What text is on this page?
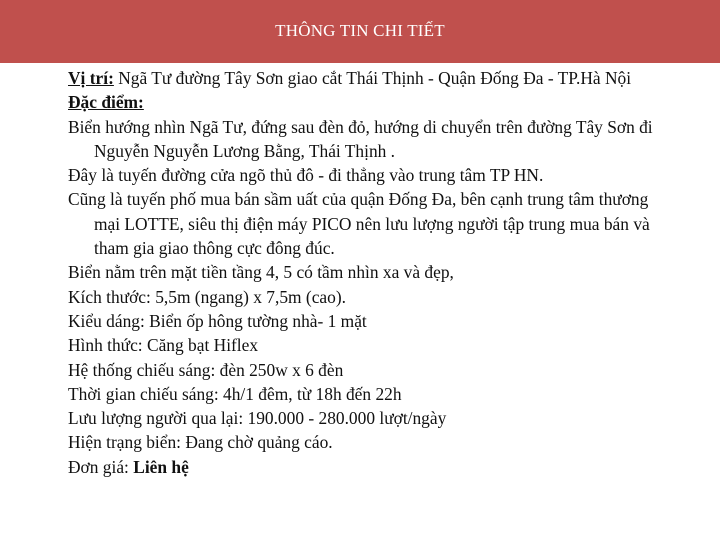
THÔNG TIN CHI TIẾT

Vị trí: Ngã Tư đường Tây Sơn giao cắt Thái Thịnh - Quận Đống Đa - TP.Hà Nội

Đặc điểm:

Biển hướng nhìn Ngã Tư, đứng sau đèn đỏ, hướng di chuyển trên đường Tây Sơn đi Nguyễn Nguyễn Lương Bằng, Thái Thịnh .

Đây là tuyến đường cửa ngõ thủ đô - đi thẳng vào trung tâm TP HN.

Cũng là tuyến phố mua bán sầm uất của quận Đống Đa, bên cạnh trung tâm thương mại LOTTE, siêu thị điện máy PICO nên lưu lượng người tập trung mua bán và tham gia giao thông cực đông đúc.

Biển nằm trên mặt tiền tầng 4, 5 có tầm nhìn xa và đẹp,

Kích thước: 5,5m (ngang) x 7,5m (cao).

Kiểu dáng: Biển ốp hông tường nhà- 1 mặt

Hình thức: Căng bạt Hiflex

Hệ thống chiếu sáng: đèn 250w x 6 đèn

Thời gian chiếu sáng: 4h/1 đêm, từ 18h đến 22h

Lưu lượng người qua lại: 190.000 - 280.000 lượt/ngày

Hiện trạng biển: Đang chờ quảng cáo.

Đơn giá: Liên hệ
